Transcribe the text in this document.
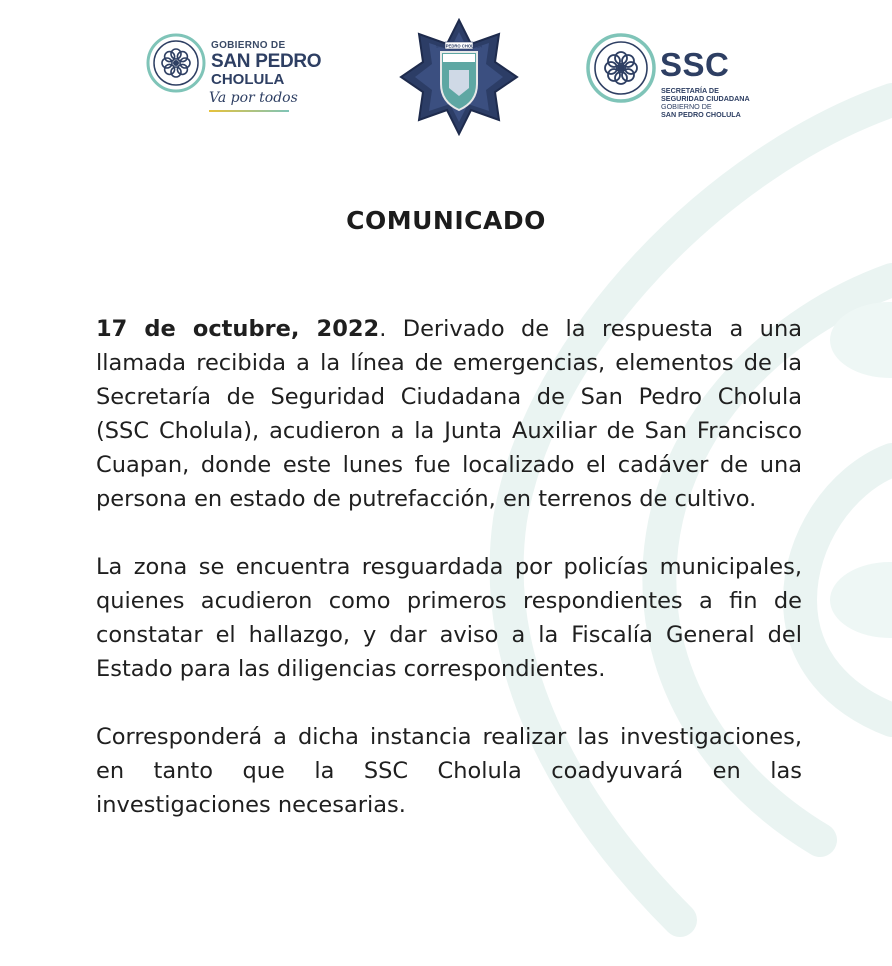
GOBIERNO DE
SAN PEDRO
CHOLULA
Va por todos
SAN PEDRO CHOLULA	SSC
SECRETARÍA DE
SEGURIDAD CIUDADANA
GOBIERNO DE
SAN PEDRO CHOLULA
COMUNICADO

17 de octubre, 2022. Derivado de la respuesta a una llamada recibida a la línea de emergencias, elementos de la Secretaría de Seguridad Ciudadana de San Pedro Cholula (SSC Cholula), acudieron a la Junta Auxiliar de San Francisco Cuapan, donde este lunes fue localizado el cadáver de una persona en estado de putrefacción, en terrenos de cultivo.

La zona se encuentra resguardada por policías municipales, quienes acudieron como primeros respondientes a fin de constatar el hallazgo, y dar aviso a la Fiscalía General del Estado para las diligencias correspondientes.

Corresponderá a dicha instancia realizar las investigaciones, en tanto que la SSC Cholula coadyuvará en las investigaciones necesarias.
